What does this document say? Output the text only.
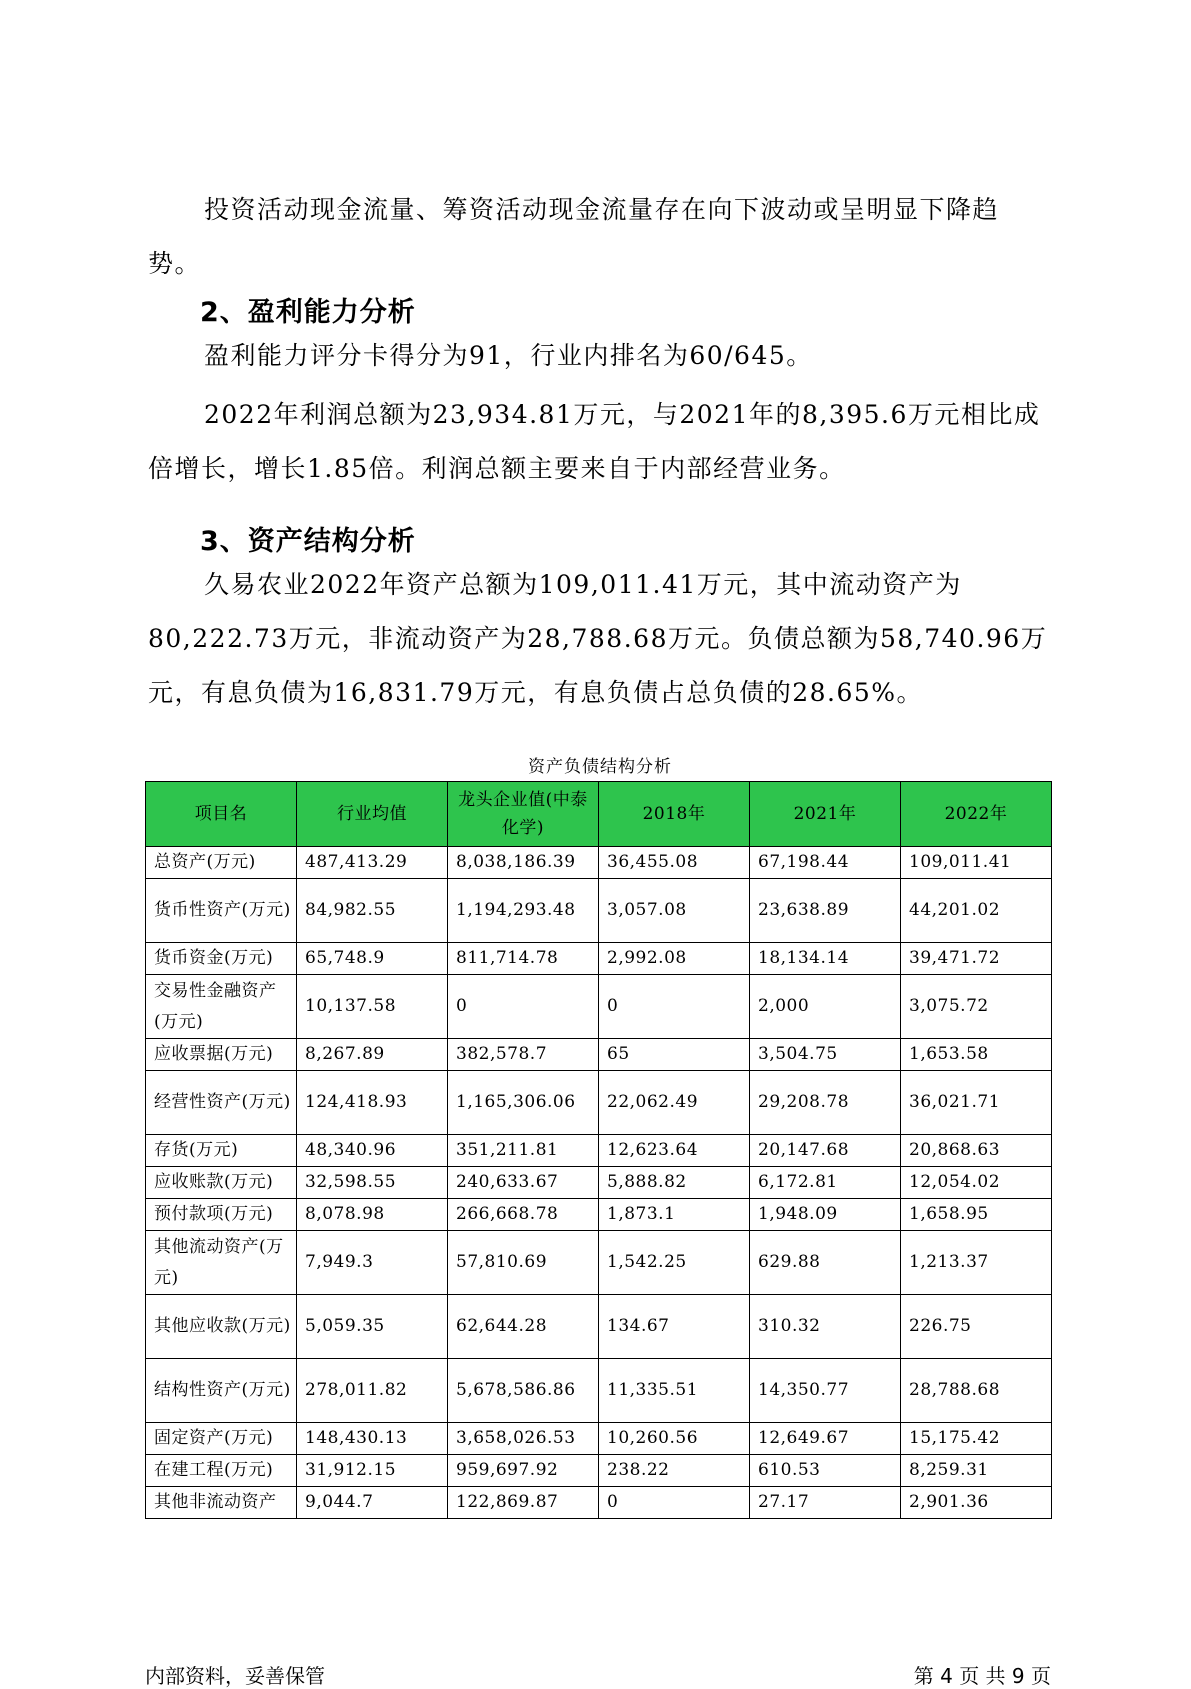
投资活动现金流量、筹资活动现金流量存在向下波动或呈明显下降趋势。

2、盈利能力分析

盈利能力评分卡得分为91，行业内排名为60/645。

2022年利润总额为23,934.81万元，与2021年的8,395.6万元相比成倍增长，增长1.85倍。利润总额主要来自于内部经营业务。

3、资产结构分析

久易农业2022年资产总额为109,011.41万元，其中流动资产为80,222.73万元，非流动资产为28,788.68万元。负债总额为58,740.96万元，有息负债为16,831.79万元，有息负债占总负债的28.65%。

资产负债结构分析
项目名	行业均值	龙头企业值(中泰化学)	2018年	2021年	2022年
总资产(万元)	487,413.29	8,038,186.39	36,455.08	67,198.44	109,011.41
货币性资产(万元)	84,982.55	1,194,293.48	3,057.08	23,638.89	44,201.02
货币资金(万元)	65,748.9	811,714.78	2,992.08	18,134.14	39,471.72
交易性金融资产(万元)	10,137.58	0	0	2,000	3,075.72
应收票据(万元)	8,267.89	382,578.7	65	3,504.75	1,653.58
经营性资产(万元)	124,418.93	1,165,306.06	22,062.49	29,208.78	36,021.71
存货(万元)	48,340.96	351,211.81	12,623.64	20,147.68	20,868.63
应收账款(万元)	32,598.55	240,633.67	5,888.82	6,172.81	12,054.02
预付款项(万元)	8,078.98	266,668.78	1,873.1	1,948.09	1,658.95
其他流动资产(万元)	7,949.3	57,810.69	1,542.25	629.88	1,213.37
其他应收款(万元)	5,059.35	62,644.28	134.67	310.32	226.75
结构性资产(万元)	278,011.82	5,678,586.86	11,335.51	14,350.77	28,788.68
固定资产(万元)	148,430.13	3,658,026.53	10,260.56	12,649.67	15,175.42
在建工程(万元)	31,912.15	959,697.92	238.22	610.53	8,259.31
其他非流动资产	9,044.7	122,869.87	0	27.17	2,901.36
内部资料，妥善保管	第 4 页 共 9 页
